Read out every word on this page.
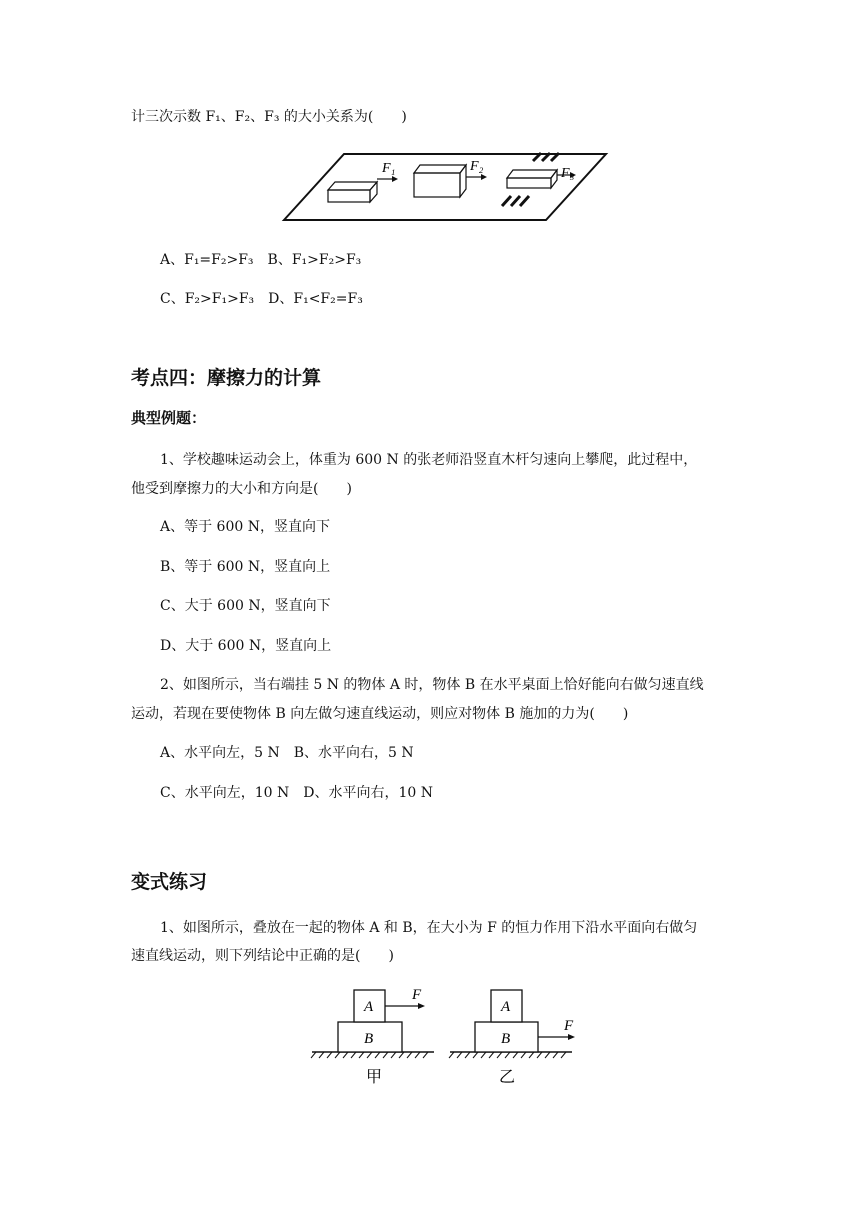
计三次示数 F₁、F₂、F₃ 的大小关系为(　　)
F₁	F₂	F₃
A、F₁=F₂>F₃　B、F₁>F₂>F₃
C、F₂>F₁>F₃　D、F₁<F₂=F₃
考点四：摩擦力的计算
典型例题：
1、学校趣味运动会上，体重为 600 N 的张老师沿竖直木杆匀速向上攀爬，此过程中，
他受到摩擦力的大小和方向是(　　)
A、等于 600 N，竖直向下
B、等于 600 N，竖直向上
C、大于 600 N，竖直向下
D、大于 600 N，竖直向上
2、如图所示，当右端挂 5 N 的物体 A 时，物体 B 在水平桌面上恰好能向右做匀速直线
运动，若现在要使物体 B 向左做匀速直线运动，则应对物体 B 施加的力为(　　)
A、水平向左，5 N　B、水平向右，5 N
C、水平向左，10 N　D、水平向右，10 N
变式练习
1、如图所示，叠放在一起的物体 A 和 B，在大小为 F 的恒力作用下沿水平面向右做匀
速直线运动，则下列结论中正确的是(　　)
A
B
F
甲
A
B
F
乙
